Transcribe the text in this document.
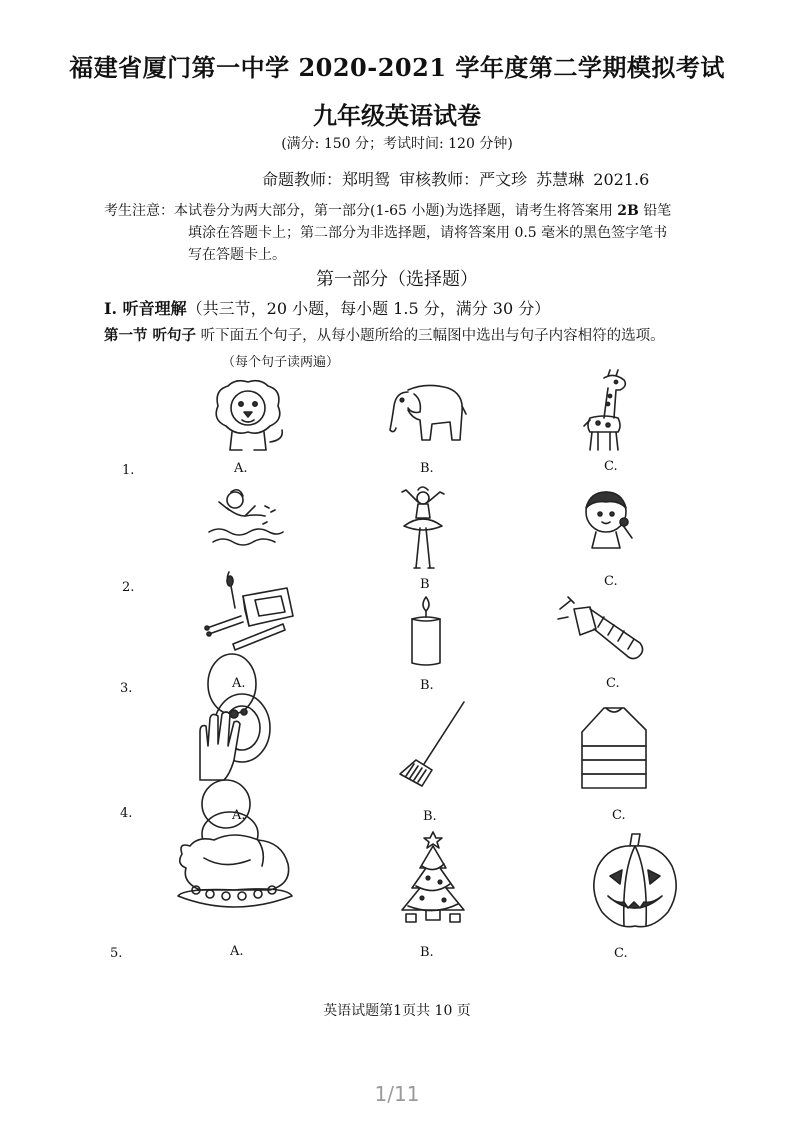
福建省厦门第一中学 2020-2021 学年度第二学期模拟考试
九年级英语试卷
(满分: 150 分；考试时间: 120 分钟)
命题教师：郑明鸳 审核教师：严文珍 苏慧琳 2021.6
考生注意：本试卷分为两大部分，第一部分(1-65 小题)为选择题，请考生将答案用 2B 铅笔
填涂在答题卡上；第二部分为非选择题，请将答案用 0.5 毫米的黑色签字笔书
写在答题卡上。
第一部分（选择题）
I. 听音理解（共三节，20 小题，每小题 1.5 分，满分 30 分）
第一节 听句子 听下面五个句子，从每小题所给的三幅图中选出与句子内容相符的选项。
（每个句子读两遍）
1.
2.
3.
4.
5.
A.	B.	C.
B	C.
A.	B.	C.
A.	B.	C.
A.	B.	C.
英语试题第1页共 10 页
1/11
